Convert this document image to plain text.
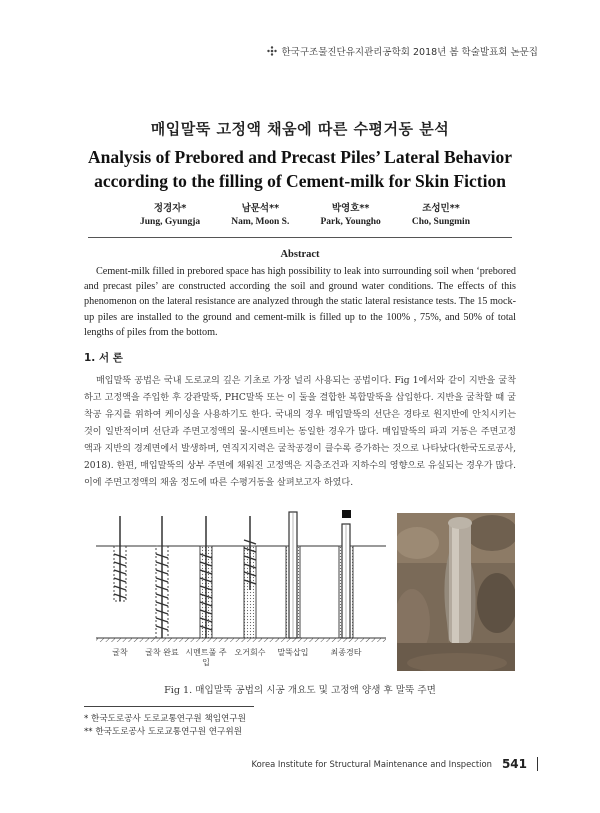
한국구조물진단유지관리공학회 2018년 봄 학술발표회 논문집
매입말뚝 고정액 채움에 따른 수평거동 분석
Analysis of Prebored and Precast Piles’ Lateral Behavior
according to the filling of Cement-milk for Skin Fiction
정경자*
Jung, Gyungja
남문석**
Nam, Moon S.
박영호**
Park, Youngho
조성민**
Cho, Sungmin
Abstract
Cement-milk filled in prebored space has high possibility to leak into surrounding soil when ‘prebored and precast piles’ are constructed according the soil and ground water conditions. The effects of this phenomenon on the lateral resistance are analyzed through the static lateral resistance tests. The 15 mock-up piles are installed to the ground and cement-milk is filled up to the 100% , 75%, and 50% of total lengths of piles from the bottom.
1. 서 론
매입말뚝 공법은 국내 도로교의 깊은 기초로 가장 널리 사용되는 공법이다. Fig 1에서와 같이 지반을 굴착하고 고정액을 주입한 후 강관말뚝, PHC말뚝 또는 이 둘을 결합한 복합말뚝을 삽입한다. 지반을 굴착할 때 굴착공 유지를 위하여 케이싱을 사용하기도 한다. 국내의 경우 매입말뚝의 선단은 경타로 원지반에 안치시키는 것이 일반적이며 선단과 주면고정액의 물-시멘트비는 동일한 경우가 많다. 매입말뚝의 파괴 거동은 주면고정액과 지반의 경계면에서 발생하며, 연직지지력은 굴착공경이 클수록 증가하는 것으로 나타났다(한국도로공사, 2018). 한편, 매입말뚝의 상부 주면에 채워진 고정액은 지층조건과 지하수의 영향으로 유실되는 경우가 많다. 이에 주면고정액의 채움 정도에 따른 수평거동을 살펴보고자 하였다.
굴착	굴착 완료 시멘트풀 주입
오거회수	말뚝삽입	최종경타
Fig 1. 매입말뚝 공법의 시공 개요도 및 고정액 양생 후 말뚝 주면
* 한국도로공사 도로교통연구원 책임연구원
** 한국도로공사 도로교통연구원 연구위원
Korea Institute for Structural Maintenance and Inspection 541
